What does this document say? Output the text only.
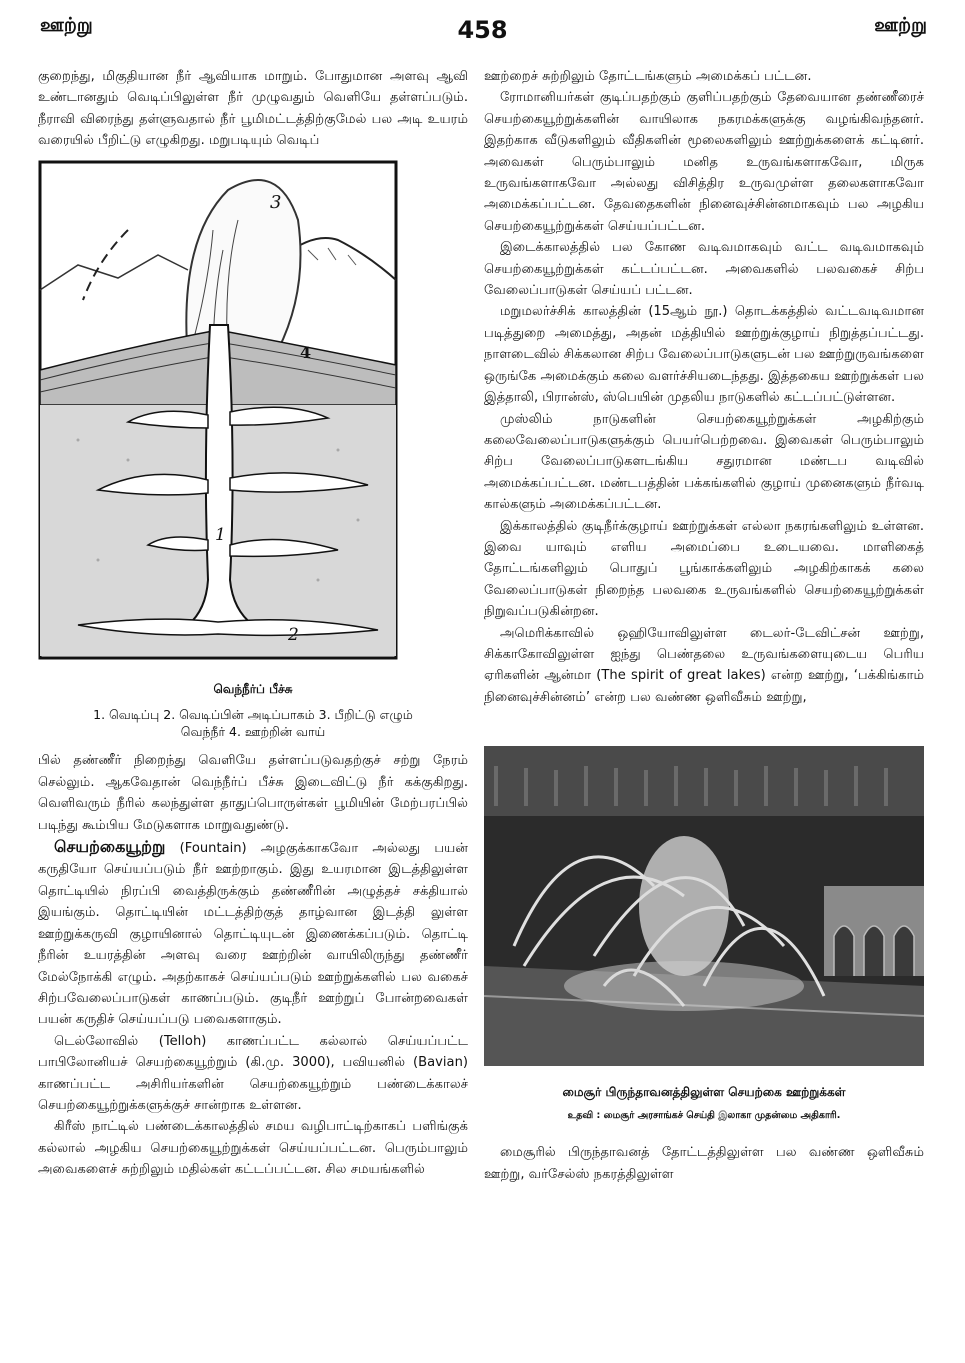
ஊற்று	458	ஊற்று

குறைந்து, மிகுதியான நீர் ஆவியாக மாறும். போதுமான அளவு ஆவி உண்டானதும் வெடிப்பிலுள்ள நீர் முழுவதும் வெளியே தள்ளப்படும். நீராவி விரைந்து தள்ளுவதால் நீர் பூமிமட்டத்திற்குமேல் பல அடி உயரம் வரையில் பீறிட்டு எழுகிறது. மறுபடியும் வெடிப்

3
4
1
2
வெந்நீர்ப் பீச்சு
1. வெடிப்பு 2. வெடிப்பின் அடிப்பாகம் 3. பீறிட்டு எழும்
வெந்நீர் 4. ஊற்றின் வாய்

பில் தண்ணீர் நிறைந்து வெளியே தள்ளப்படுவதற்குச் சற்று நேரம் செல்லும். ஆகவேதான் வெந்நீர்ப் பீச்சு இடைவிட்டு நீர் கக்குகிறது. வெளிவரும் நீரில் கலந்துள்ள தாதுப்பொருள்கள் பூமியின் மேற்பரப்பில் படிந்து கூம்பிய மேடுகளாக மாறுவதுண்டு.

செயற்கையூற்று (Fountain) அழகுக்காகவோ அல்லது பயன் கருதியோ செய்யப்படும் நீர் ஊற்றாகும். இது உயரமான இடத்திலுள்ள தொட்டியில் நிரப்பி வைத்திருக்கும் தண்ணீரின் அழுத்தச் சக்தியால் இயங்கும். தொட்டியின் மட்டத்திற்குத் தாழ்வான இடத்தி லுள்ள ஊற்றுக்கருவி குழாயினால் தொட்டியுடன் இணைக்கப்படும். தொட்டி நீரின் உயரத்தின் அளவு வரை ஊற்றின் வாயிலிருந்து தண்ணீர் மேல்நோக்கி எழும். அதற்காகச் செய்யப்படும் ஊற்றுக்களில் பல வகைச் சிற்பவேலைப்பாடுகள் காணப்படும். குடிநீர் ஊற்றுப் போன்றவைகள் பயன் கருதிச் செய்யப்படு பவைகளாகும்.

டெல்லோவில் (Telloh) காணப்பட்ட கல்லால் செய்யப்பட்ட பாபிலோனியச் செயற்கையூற்றும் (கி.மு. 3000), பவியனில் (Bavian) காணப்பட்ட அசிரியர்களின் செயற்கையூற்றும் பண்டைக்காலச் செயற்கையூற்றுக்களுக்குச் சான்றாக உள்ளன.

கிரீஸ் நாட்டில் பண்டைக்காலத்தில் சமய வழிபாட்டிற்காகப் பளிங்குக் கல்லால் அழகிய செயற்கையூற்றுக்கள் செய்யப்பட்டன. பெரும்பாலும் அவைகளைச் சுற்றிலும் மதில்கள் கட்டப்பட்டன. சில சமயங்களில்

ஊற்றைச் சுற்றிலும் தோட்டங்களும் அமைக்கப் பட்டன.

ரோமானியர்கள் குடிப்பதற்கும் குளிப்பதற்கும் தேவையான தண்ணீரைச் செயற்கையூற்றுக்களின் வாயிலாக நகரமக்களுக்கு வழங்கிவந்தனர். இதற்காக வீடுகளிலும் வீதிகளின் மூலைகளிலும் ஊற்றுக்களைக் கட்டினர். அவைகள் பெரும்பாலும் மனித உருவங்களாகவோ, மிருக உருவங்களாகவோ அல்லது விசித்திர உருவமுள்ள தலைகளாகவோ அமைக்கப்பட்டன. தேவதைகளின் நினைவுச்சின்னமாகவும் பல அழகிய செயற்கையூற்றுக்கள் செய்யப்பட்டன.

இடைக்காலத்தில் பல கோண வடிவமாகவும் வட்ட வடிவமாகவும் செயற்கையூற்றுக்கள் கட்டப்பட்டன. அவைகளில் பலவகைச் சிற்ப வேலைப்பாடுகள் செய்யப் பட்டன.

மறுமலர்ச்சிக் காலத்தின் (15ஆம் நூ.) தொடக்கத்தில் வட்டவடிவமான படித்துறை அமைத்து, அதன் மத்தியில் ஊற்றுக்குழாய் நிறுத்தப்பட்டது. நாளடைவில் சிக்கலான சிற்ப வேலைப்பாடுகளுடன் பல ஊற்றுருவங்களை ஒருங்கே அமைக்கும் கலை வளர்ச்சியடைந்தது. இத்தகைய ஊற்றுக்கள் பல இத்தாலி, பிரான்ஸ், ஸ்பெயின் முதலிய நாடுகளில் கட்டப்பட்டுள்ளன.

முஸ்லிம் நாடுகளின் செயற்கையூற்றுக்கள் அழகிற்கும் கலைவேலைப்பாடுகளுக்கும் பெயர்பெற்றவை. இவைகள் பெரும்பாலும் சிற்ப வேலைப்பாடுகளடங்கிய சதுரமான மண்டப வடிவில் அமைக்கப்பட்டன. மண்டபத்தின் பக்கங்களில் குழாய் முனைகளும் நீர்வடி கால்களும் அமைக்கப்பட்டன.

இக்காலத்தில் குடிநீர்க்குழாய் ஊற்றுக்கள் எல்லா நகரங்களிலும் உள்ளன. இவை யாவும் எளிய அமைப்பை உடையவை. மாளிகைத் தோட்டங்களிலும் பொதுப் பூங்காக்களிலும் அழகிற்காகக் கலை வேலைப்பாடுகள் நிறைந்த பலவகை உருவங்களில் செயற்கையூற்றுக்கள் நிறுவப்படுகின்றன.

அமெரிக்காவில் ஒஹியோவிலுள்ள டைலர்-டேவிட்சன் ஊற்று, சிக்காகோவிலுள்ள ஐந்து பெண்தலை உருவங்களையுடைய பெரிய ஏரிகளின் ஆன்மா (The spirit of great lakes) என்ற ஊற்று, ‘பக்கிங்காம் நினைவுச்சின்னம்’ என்ற பல வண்ண ஒளிவீசும் ஊற்று,

மைசூர் பிருந்தாவனத்திலுள்ள செயற்கை ஊற்றுக்கள்
உதவி : மைசூர் அரசாங்கச் செய்தி இலாகா முதன்மை அதிகாரி.

மைசூரில் பிருந்தாவனத் தோட்டத்திலுள்ள பல வண்ண ஒளிவீசும் ஊற்று, வர்சேல்ஸ் நகரத்திலுள்ள
